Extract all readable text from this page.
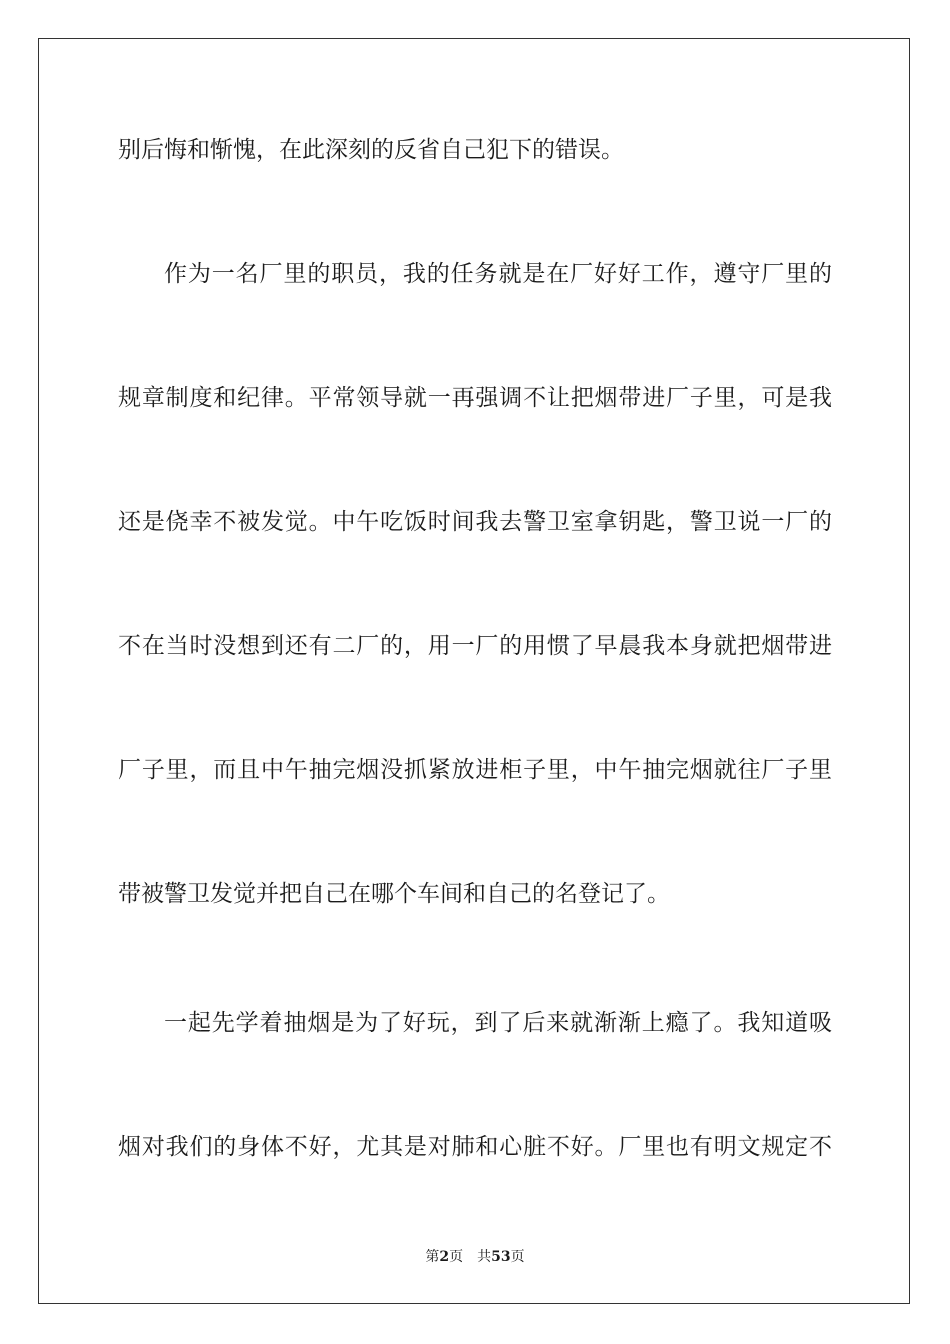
别后悔和惭愧，在此深刻的反省自己犯下的错误。
作为一名厂里的职员，我的任务就是在厂好好工作，遵守厂里的
规章制度和纪律。平常领导就一再强调不让把烟带进厂子里，可是我
还是侥幸不被发觉。中午吃饭时间我去警卫室拿钥匙，警卫说一厂的
不在当时没想到还有二厂的，用一厂的用惯了早晨我本身就把烟带进
厂子里，而且中午抽完烟没抓紧放进柜子里，中午抽完烟就往厂子里
带被警卫发觉并把自己在哪个车间和自己的名登记了。
一起先学着抽烟是为了好玩，到了后来就渐渐上瘾了。我知道吸
烟对我们的身体不好，尤其是对肺和心脏不好。厂里也有明文规定不
第2页 共53页
